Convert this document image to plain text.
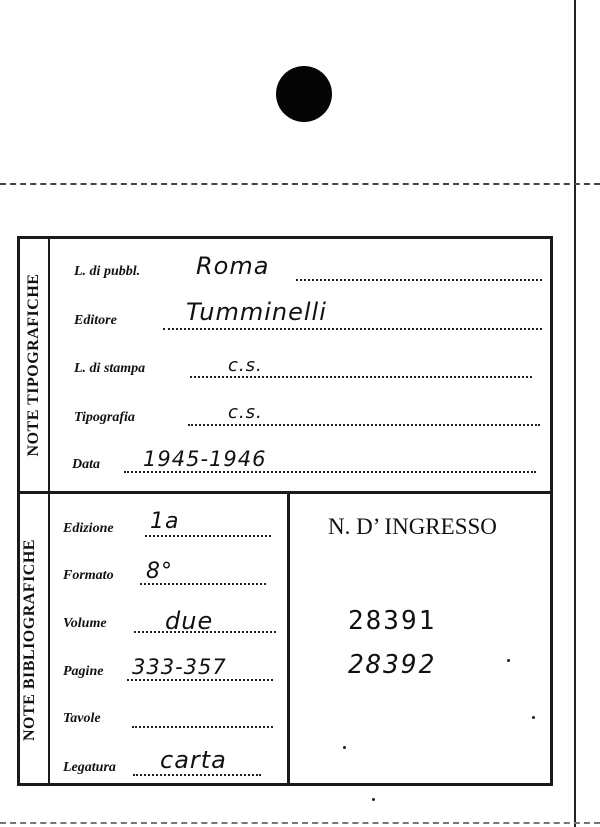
NOTE TIPOGRAFICHE
NOTE BIBLIOGRAFICHE
L. di pubbl. Roma
Editore	Tumminelli
L. di stampa	c.s.
Tipografia	c.s.
Data 1945-1946
Edizione 1a
Formato 8°
Volume due
Pagine 333-357
Tavole
Legatura carta
N. D’ INGRESSO
28391
28392
